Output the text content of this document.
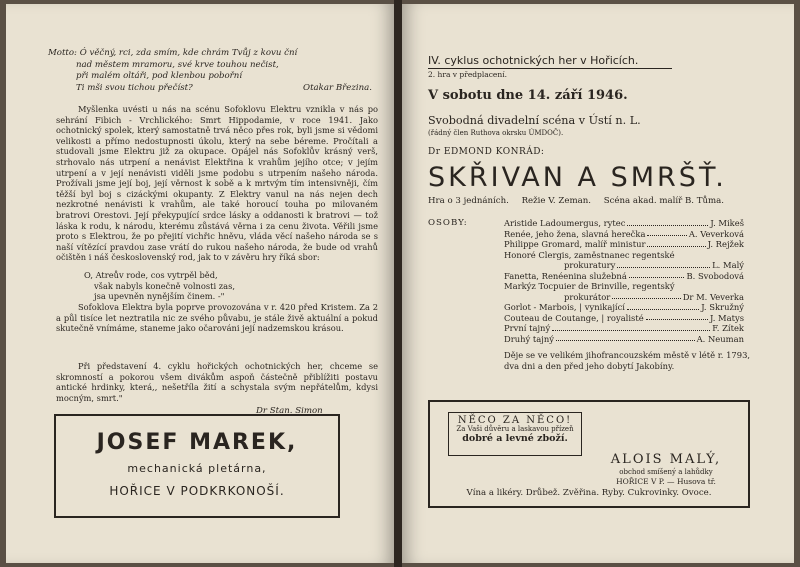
Motto: Ó věčný, rci, zda smím, kde chrám Tvůj z kovu ční
nad městem mramoru, své krve touhou nečist,
při malém oltáři, pod klenbou pobořní
Ti mši svou tichou přečíst?	Otakar Březina.
Myšlenka uvésti u nás na scénu Sofoklovu Elektru vznikla v nás po sehrání Fibich - Vrchlického: Smrt Hippodamie, v roce 1941. Jako ochotnický spolek, který samostatně trvá něco přes rok, byli jsme si vědomi velikosti a přímo nedostupnosti úkolu, který na sebe béreme. Pročítali a studovali jsme Elektru již za okupace. Opájel nás Sofoklův krásný verš, strhovalo nás utrpení a nenávist Elektřina k vrahům jejího otce; v jejím utrpení a v její nenávisti viděli jsme podobu s utrpením našeho národa. Prožívali jsme její boj, její věrnost k sobě a k mrtvým tím intensivněji, čím těžší byl boj s cizáckými okupanty. Z Elektry vanul na nás nejen dech nezkrotné nenávisti k vrahům, ale také horoucí touha po milovaném bratrovi Orestovi. Její překypující srdce lásky a oddanosti k bratrovi — tož láska k rodu, k národu, kterému zůstává věrna i za cenu života. Věřili jsme proto s Elektrou, že po přejití vichřic hněvu, vláda věcí našeho národa se s naší vítězící pravdou zase vrátí do rukou našeho národa, že bude od vrahů očištěn i náš československý rod, jak to v závěru hry říká sbor:
O, Atreův rode, cos vytrpěl běd,
však nabyls konečně volnosti zas,
jsa upevněn nynějším činem. -"
Sofoklova Elektra byla poprve provozována v r. 420 před Kristem. Za 2 a půl tisíce let neztratila nic ze svého půvabu, je stále živě aktuální a pokud skutečně vnímáme, staneme jako očarováni její nadzemskou krásou.
Při představení 4. cyklu hořických ochotnických her, chceme se skromností a pokorou všem divákům aspoň částečně přiblížiti postavu antické hrdinky, která,, nešetříla žití a schystala svým nepřátelům, kdysi mocným, smrt."
Dr Stan. Simon
JOSEF MAREK,
mechanická pletárna,
HOŘICE V PODKRKONOŠÍ.
IV. cyklus ochotnických her v Hořicích.
2. hra v předplacení.
V sobotu dne 14. září 1946.
Svobodná divadelní scéna v Ústí n. L.
(řádný člen Ruthova okrsku ÚMDOČ).
Dr EDMOND KONRÁD:
SKŘIVAN A SMRŠŤ.
Hra o 3 jednáních. Režie V. Zeman. Scéna akad. malíř B. Tůma.
OSOBY:	Aristide Ladoumergus, rytec	J. Mikeš
Renée, jeho žena, slavná herečka	A. Veverková
Philippe Gromard, malíř ministur	J. Rejžek
Honoré Clergis, zaměstnanec regentské
prokuratury	L. Malý
Fanetta, Renéenina služebná	B. Svobodová
Markýz Tocpuier de Brinville, regentský
prokurátor	Dr M. Veverka
Gorlot - Marbois, | vynikající	J. Skružný
Couteau de Coutange, | royalisté	J. Matys
První tajný	F. Zítek
Druhý tajný	A. Neuman
Děje se ve velikém jihofrancouzském městě v létě r. 1793, dva dni a den před jeho dobytí Jakobíny.
NĚCO ZA NĚCO!
Za Vaši důvěru a laskavou přízeň
dobré a levné zboží.
ALOIS MALÝ,
obchod smíšený a lahůdky
HOŘICE V P. — Husova tř.
Vína a likéry. Drůbež. Zvěřina. Ryby. Cukrovinky. Ovoce.
